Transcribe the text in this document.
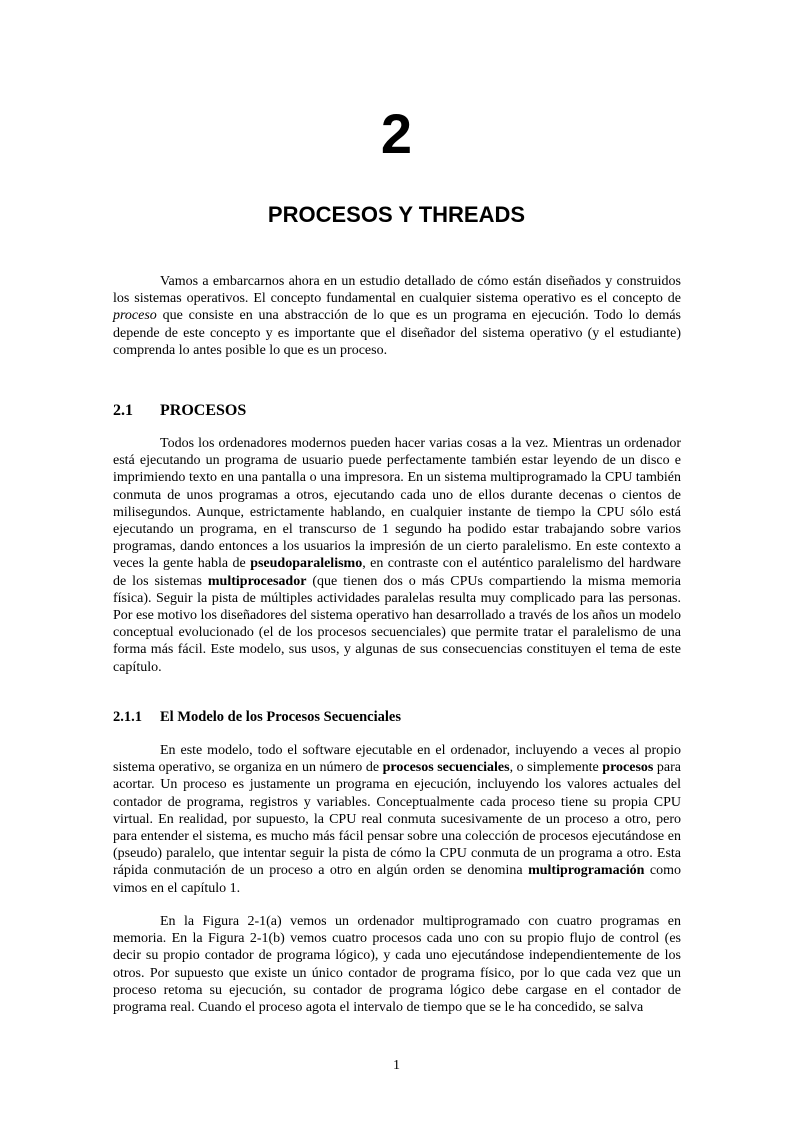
2
PROCESOS Y THREADS

Vamos a embarcarnos ahora en un estudio detallado de cómo están diseñados y construidos los sistemas operativos. El concepto fundamental en cualquier sistema operativo es el concepto de proceso que consiste en una abstracción de lo que es un programa en ejecución. Todo lo demás depende de este concepto y es importante que el diseñador del sistema operativo (y el estudiante) comprenda lo antes posible lo que es un proceso.

2.1 PROCESOS

Todos los ordenadores modernos pueden hacer varias cosas a la vez. Mientras un ordenador está ejecutando un programa de usuario puede perfectamente también estar leyendo de un disco e imprimiendo texto en una pantalla o una impresora. En un sistema multiprogramado la CPU también conmuta de unos programas a otros, ejecutando cada uno de ellos durante decenas o cientos de milisegundos. Aunque, estrictamente hablando, en cualquier instante de tiempo la CPU sólo está ejecutando un programa, en el transcurso de 1 segundo ha podido estar trabajando sobre varios programas, dando entonces a los usuarios la impresión de un cierto paralelismo. En este contexto a veces la gente habla de pseudoparalelismo, en contraste con el auténtico paralelismo del hardware de los sistemas multiprocesador (que tienen dos o más CPUs compartiendo la misma memoria física). Seguir la pista de múltiples actividades paralelas resulta muy complicado para las personas. Por ese motivo los diseñadores del sistema operativo han desarrollado a través de los años un modelo conceptual evolucionado (el de los procesos secuenciales) que permite tratar el paralelismo de una forma más fácil. Este modelo, sus usos, y algunas de sus consecuencias constituyen el tema de este capítulo.

2.1.1 El Modelo de los Procesos Secuenciales

En este modelo, todo el software ejecutable en el ordenador, incluyendo a veces al propio sistema operativo, se organiza en un número de procesos secuenciales, o simplemente procesos para acortar. Un proceso es justamente un programa en ejecución, incluyendo los valores actuales del contador de programa, registros y variables. Conceptualmente cada proceso tiene su propia CPU virtual. En realidad, por supuesto, la CPU real conmuta sucesivamente de un proceso a otro, pero para entender el sistema, es mucho más fácil pensar sobre una colección de procesos ejecutándose en (pseudo) paralelo, que intentar seguir la pista de cómo la CPU conmuta de un programa a otro. Esta rápida conmutación de un proceso a otro en algún orden se denomina multiprogramación como vimos en el capítulo 1.

En la Figura 2-1(a) vemos un ordenador multiprogramado con cuatro programas en memoria. En la Figura 2-1(b) vemos cuatro procesos cada uno con su propio flujo de control (es decir su propio contador de programa lógico), y cada uno ejecutándose independientemente de los otros. Por supuesto que existe un único contador de programa físico, por lo que cada vez que un proceso retoma su ejecución, su contador de programa lógico debe cargase en el contador de programa real. Cuando el proceso agota el intervalo de tiempo que se le ha concedido, se salva

1
